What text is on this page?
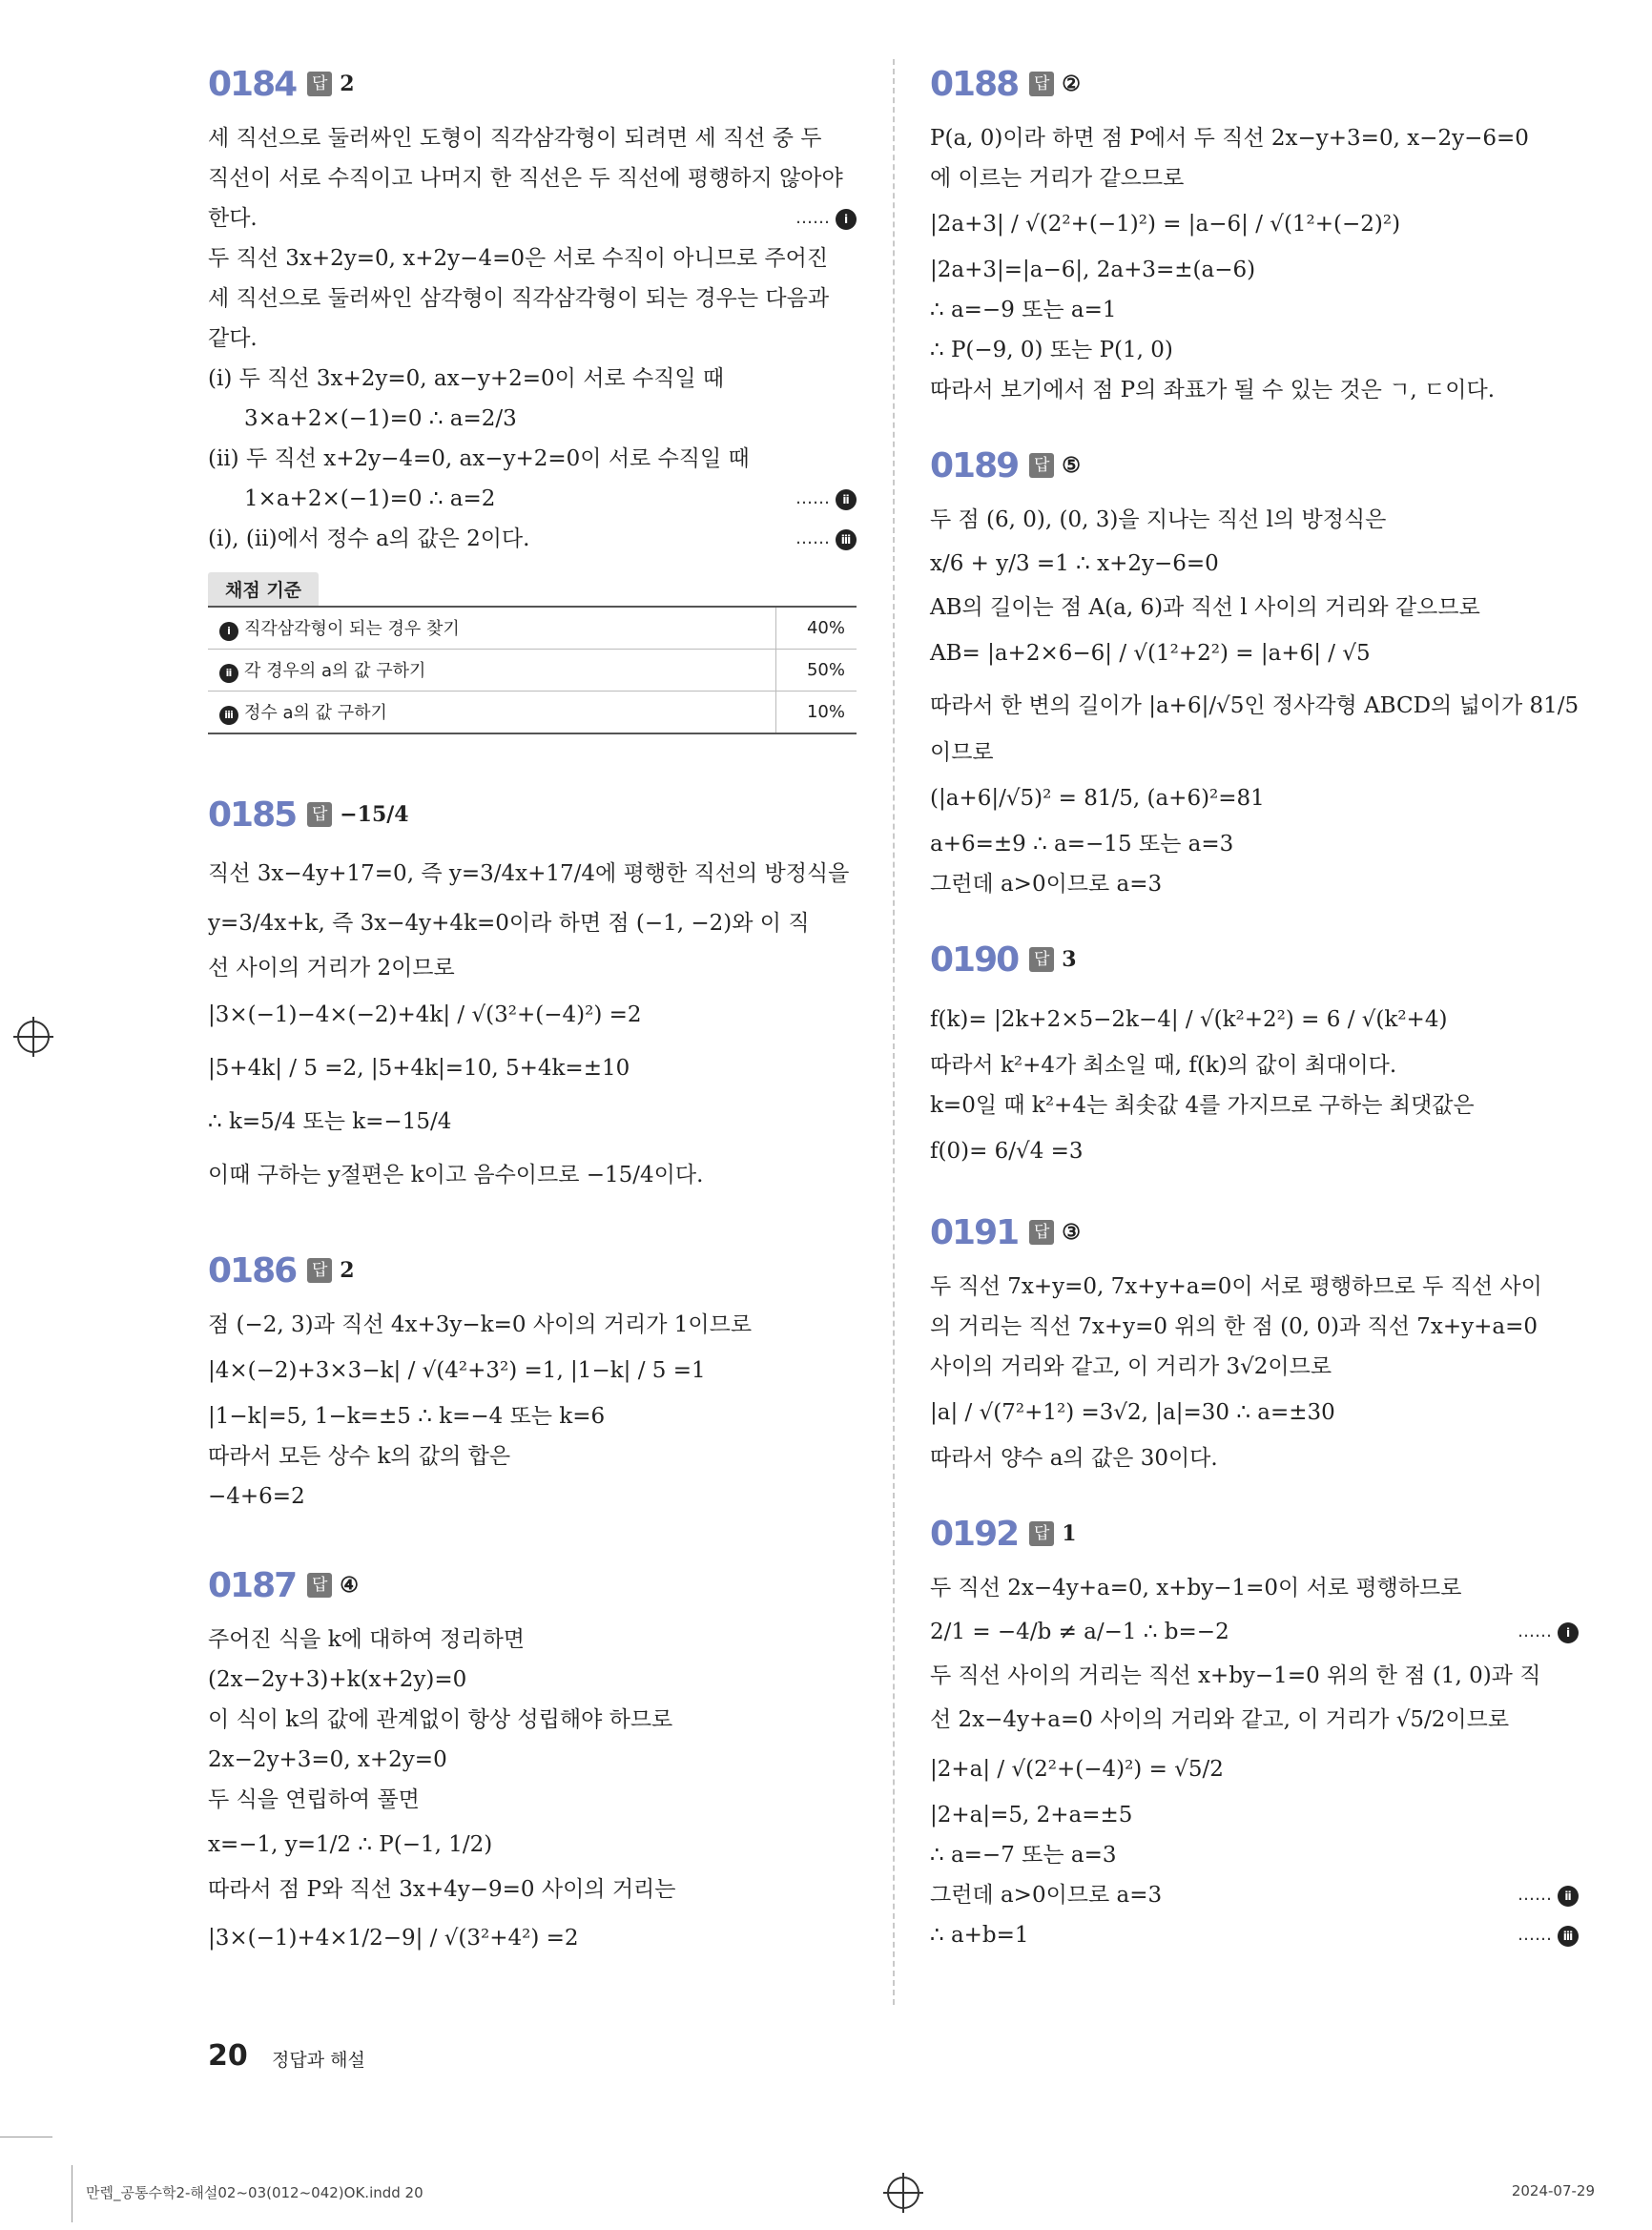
0184 답 2
세 직선으로 둘러싸인 도형이 직각삼각형이 되려면 세 직선 중 두
직선이 서로 수직이고 나머지 한 직선은 두 직선에 평행하지 않아야
한다.	…… ⅰ
두 직선 3x+2y=0, x+2y−4=0은 서로 수직이 아니므로 주어진
세 직선으로 둘러싸인 삼각형이 직각삼각형이 되는 경우는 다음과
같다.
(ⅰ) 두 직선 3x+2y=0, ax−y+2=0이 서로 수직일 때
3×a+2×(−1)=0 ∴ a=2/3
(ⅱ) 두 직선 x+2y−4=0, ax−y+2=0이 서로 수직일 때
1×a+2×(−1)=0 ∴ a=2	…… ⅱ
(ⅰ), (ⅱ)에서 정수 a의 값은 2이다.	…… ⅲ
채점 기준
ⅰ 직각삼각형이 되는 경우 찾기	40%
ⅱ 각 경우의 a의 값 구하기	50%
ⅲ 정수 a의 값 구하기	10%
0185 답 −15/4
직선 3x−4y+17=0, 즉 y=3/4x+17/4에 평행한 직선의 방정식을
y=3/4x+k, 즉 3x−4y+4k=0이라 하면 점 (−1, −2)와 이 직
선 사이의 거리가 2이므로
|3×(−1)−4×(−2)+4k| / √(3²+(−4)²) =2
|5+4k| / 5 =2, |5+4k|=10, 5+4k=±10
∴ k=5/4 또는 k=−15/4
이때 구하는 y절편은 k이고 음수이므로 −15/4이다.
0186 답 2
점 (−2, 3)과 직선 4x+3y−k=0 사이의 거리가 1이므로
|4×(−2)+3×3−k| / √(4²+3²) =1, |1−k| / 5 =1
|1−k|=5, 1−k=±5 ∴ k=−4 또는 k=6
따라서 모든 상수 k의 값의 합은
−4+6=2
0187 답 ④
주어진 식을 k에 대하여 정리하면
(2x−2y+3)+k(x+2y)=0
이 식이 k의 값에 관계없이 항상 성립해야 하므로
2x−2y+3=0, x+2y=0
두 식을 연립하여 풀면
x=−1, y=1/2 ∴ P(−1, 1/2)
따라서 점 P와 직선 3x+4y−9=0 사이의 거리는
|3×(−1)+4×1/2−9| / √(3²+4²) =2
0188 답 ②
P(a, 0)이라 하면 점 P에서 두 직선 2x−y+3=0, x−2y−6=0
에 이르는 거리가 같으므로
|2a+3| / √(2²+(−1)²) = |a−6| / √(1²+(−2)²)
|2a+3|=|a−6|, 2a+3=±(a−6)
∴ a=−9 또는 a=1
∴ P(−9, 0) 또는 P(1, 0)
따라서 보기에서 점 P의 좌표가 될 수 있는 것은 ㄱ, ㄷ이다.
0189 답 ⑤
두 점 (6, 0), (0, 3)을 지나는 직선 l의 방정식은
x/6 + y/3 =1 ∴ x+2y−6=0
AB의 길이는 점 A(a, 6)과 직선 l 사이의 거리와 같으므로
AB= |a+2×6−6| / √(1²+2²) = |a+6| / √5
따라서 한 변의 길이가 |a+6|/√5인 정사각형 ABCD의 넓이가 81/5
이므로
(|a+6|/√5)² = 81/5, (a+6)²=81
a+6=±9 ∴ a=−15 또는 a=3
그런데 a>0이므로 a=3
0190 답 3
f(k)= |2k+2×5−2k−4| / √(k²+2²) = 6 / √(k²+4)
따라서 k²+4가 최소일 때, f(k)의 값이 최대이다.
k=0일 때 k²+4는 최솟값 4를 가지므로 구하는 최댓값은
f(0)= 6/√4 =3
0191 답 ③
두 직선 7x+y=0, 7x+y+a=0이 서로 평행하므로 두 직선 사이
의 거리는 직선 7x+y=0 위의 한 점 (0, 0)과 직선 7x+y+a=0
사이의 거리와 같고, 이 거리가 3√2이므로
|a| / √(7²+1²) =3√2, |a|=30 ∴ a=±30
따라서 양수 a의 값은 30이다.
0192 답 1
두 직선 2x−4y+a=0, x+by−1=0이 서로 평행하므로
2/1 = −4/b ≠ a/−1 ∴ b=−2	…… ⅰ
두 직선 사이의 거리는 직선 x+by−1=0 위의 한 점 (1, 0)과 직
선 2x−4y+a=0 사이의 거리와 같고, 이 거리가 √5/2이므로
|2+a| / √(2²+(−4)²) = √5/2
|2+a|=5, 2+a=±5
∴ a=−7 또는 a=3
그런데 a>0이므로 a=3	…… ⅱ
∴ a+b=1	…… ⅲ
20 정답과 해설
만렙_공통수학2-해설02~03(012~042)OK.indd 20	2024-07-29
